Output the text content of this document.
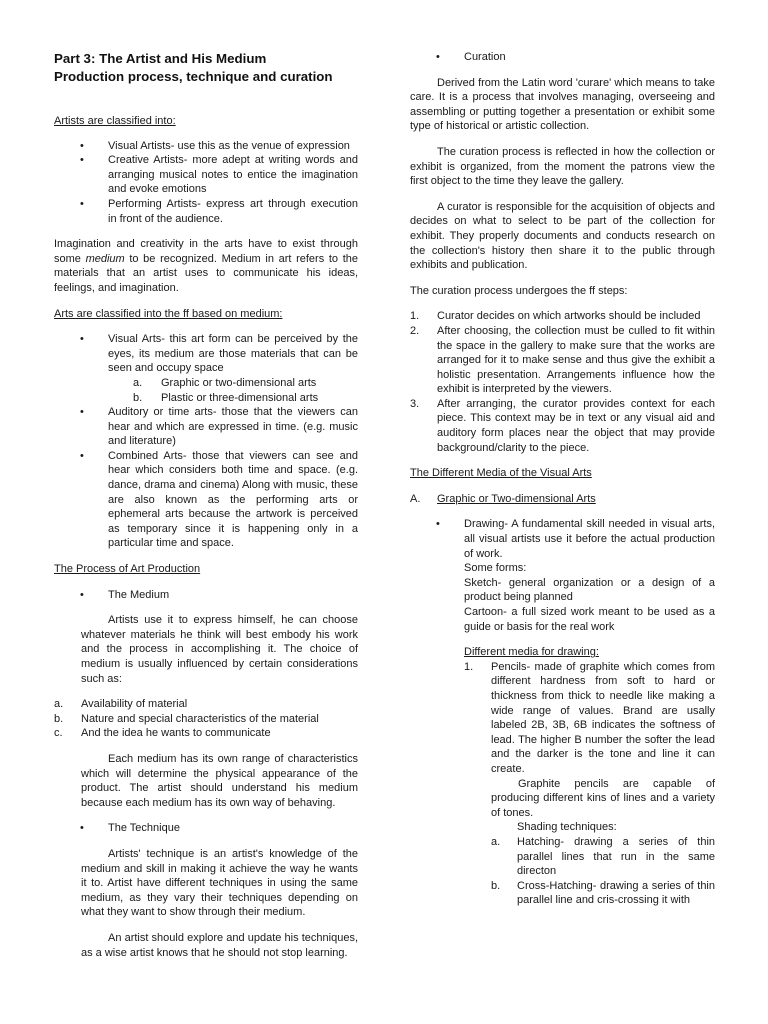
Part 3: The Artist and His Medium
Production process, technique and curation

Artists are classified into:

• Visual Artists- use this as the venue of expression
• Creative Artists- more adept at writing words and arranging musical notes to entice the imagination and evoke emotions
• Performing Artists- express art through execution in front of the audience.

Imagination and creativity in the arts have to exist through some medium to be recognized. Medium in art refers to the materials that an artist uses to communicate his ideas, feelings, and imagination.

Arts are classified into the ff based on medium:

• Visual Arts- this art form can be perceived by the eyes, its medium are those materials that can be seen and occupy space
a. Graphic or two-dimensional arts
b. Plastic or three-dimensional arts
• Auditory or time arts- those that the viewers can hear and which are expressed in time. (e.g. music and literature)
• Combined Arts- those that viewers can see and hear which considers both time and space. (e.g. dance, drama and cinema) Along with music, these are also known as the performing arts or ephemeral arts because the artwork is perceived as temporary since it is happening only in a particular time and space.

The Process of Art Production

• The Medium

Artists use it to express himself, he can choose whatever materials he think will best embody his work and the process in accomplishing it. The choice of medium is usually influenced by certain considerations such as:

a. Availability of material
b. Nature and special characteristics of the material
c. And the idea he wants to communicate

Each medium has its own range of characteristics which will determine the physical appearance of the product. The artist should understand his medium because each medium has its own way of behaving.

• The Technique

Artists' technique is an artist's knowledge of the medium and skill in making it achieve the way he wants it to. Artist have different techniques in using the same medium, as they vary their techniques depending on what they want to show through their medium.

An artist should explore and update his techniques, as a wise artist knows that he should not stop learning.

• Curation

Derived from the Latin word 'curare' which means to take care. It is a process that involves managing, overseeing and assembling or putting together a presentation or exhibit some type of historical or artistic collection.

The curation process is reflected in how the collection or exhibit is organized, from the moment the patrons view the first object to the time they leave the gallery.

A curator is responsible for the acquisition of objects and decides on what to select to be part of the collection for exhibit. They properly documents and conducts research on the collection's history then share it to the public through exhibits and publication.

The curation process undergoes the ff steps:

1. Curator decides on which artworks should be included
2. After choosing, the collection must be culled to fit within the space in the gallery to make sure that the works are arranged for it to make sense and thus give the exhibit a holistic presentation. Arrangements influence how the exhibit is interpreted by the viewers.
3. After arranging, the curator provides context for each piece. This context may be in text or any visual aid and auditory form places near the object that may provide background/clarity to the piece.

The Different Media of the Visual Arts

A. Graphic or Two-dimensional Arts
• Drawing- A fundamental skill needed in visual arts, all visual artists use it before the actual production of work.

Some forms:

Sketch- general organization or a design of a product being planned

Cartoon- a full sized work meant to be used as a guide or basis for the real work

Different media for drawing:

1. Pencils- made of graphite which comes from different hardness from soft to hard or thickness from thick to needle like making a wide range of values. Brand are usally labeled 2B, 3B, 6B indicates the softness of lead. The higher B number the softer the lead and the darker is the tone and line it can create.

Graphite pencils are capable of producing different kins of lines and a variety of tones.

Shading techniques:

a. Hatching- drawing a series of thin parallel lines that run in the same directon
b. Cross-Hatching- drawing a series of thin parallel line and cris-crossing it with
